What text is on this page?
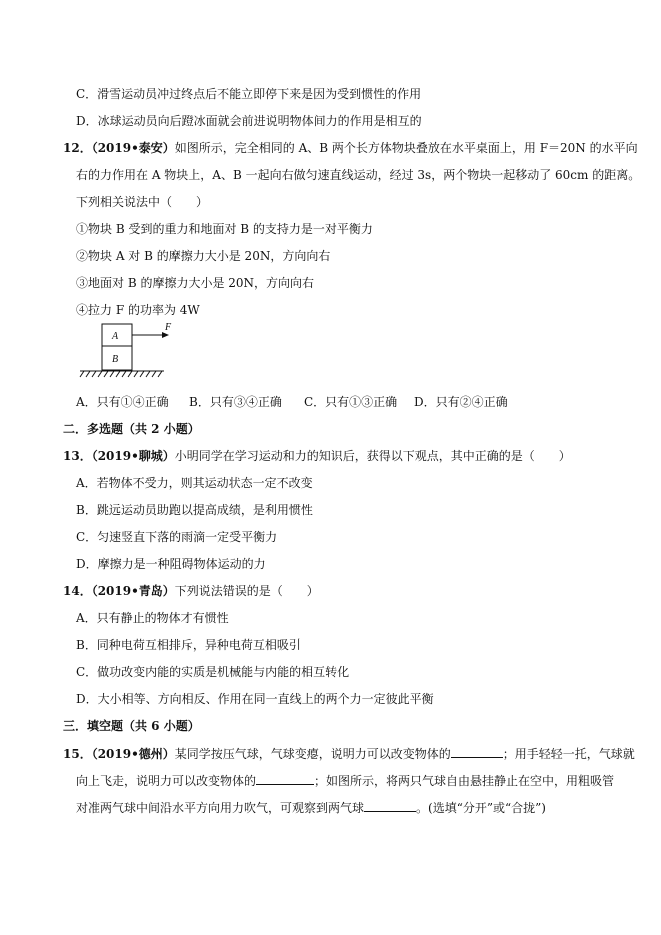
C．滑雪运动员冲过终点后不能立即停下来是因为受到惯性的作用
D．冰球运动员向后蹬冰面就会前进说明物体间力的作用是相互的
12．（2019•泰安）如图所示，完全相同的 A、B 两个长方体物块叠放在水平桌面上，用 F＝20N 的水平向
右的力作用在 A 物块上，A、B 一起向右做匀速直线运动，经过 3s，两个物块一起移动了 60cm 的距离。
下列相关说法中（　　）
①物块 B 受到的重力和地面对 B 的支持力是一对平衡力
②物块 A 对 B 的摩擦力大小是 20N，方向向右
③地面对 B 的摩擦力大小是 20N，方向向右
④拉力 F 的功率为 4W
A
B
F
A．只有①④正确 B．只有③④正确 C．只有①③正确 D．只有②④正确
二．多选题（共 2 小题）
13．（2019•聊城）小明同学在学习运动和力的知识后，获得以下观点，其中正确的是（　　）
A．若物体不受力，则其运动状态一定不改变
B．跳远运动员助跑以提高成绩，是利用惯性
C．匀速竖直下落的雨滴一定受平衡力
D．摩擦力是一种阻碍物体运动的力
14．（2019•青岛）下列说法错误的是（　　）
A．只有静止的物体才有惯性
B．同种电荷互相排斥，异种电荷互相吸引
C．做功改变内能的实质是机械能与内能的相互转化
D．大小相等、方向相反、作用在同一直线上的两个力一定彼此平衡
三．填空题（共 6 小题）
15．（2019•德州）某同学按压气球，气球变瘪，说明力可以改变物体的	；用手轻轻一托，气球就
向上飞走，说明力可以改变物体的	；如图所示，将两只气球自由悬挂静止在空中，用粗吸管
对准两气球中间沿水平方向用力吹气，可观察到两气球	。(选填“分开”或“合拢”)
